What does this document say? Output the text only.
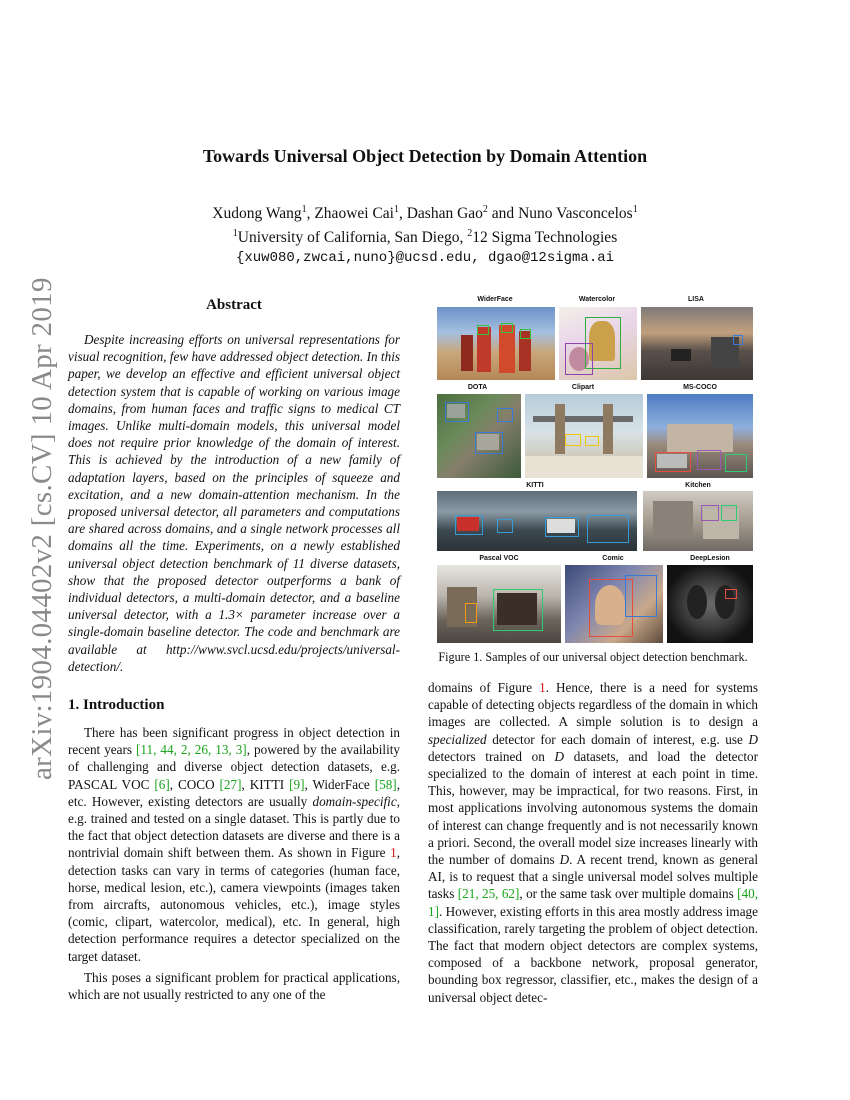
arXiv:1904.04402v2 [cs.CV] 10 Apr 2019
Towards Universal Object Detection by Domain Attention
Xudong Wang$^1$, Zhaowei Cai$^1$, Dashan Gao$^2$ and Nuno Vasconcelos$^1$
$^1$University of California, San Diego, $^2$12 Sigma Technologies
{xuw080,zwcai,nuno}@ucsd.edu, dgao@12sigma.ai
Abstract

Despite increasing efforts on universal representations for visual recognition, few have addressed object detection. In this paper, we develop an effective and efficient universal object detection system that is capable of working on various image domains, from human faces and traffic signs to medical CT images. Unlike multi-domain models, this universal model does not require prior knowledge of the domain of interest. This is achieved by the introduction of a new family of adaptation layers, based on the principles of squeeze and excitation, and a new domain-attention mechanism. In the proposed universal detector, all parameters and computations are shared across domains, and a single network processes all domains all the time. Experiments, on a newly established universal object detection benchmark of 11 diverse datasets, show that the proposed detector outperforms a bank of individual detectors, a multi-domain detector, and a baseline universal detector, with a 1.3× parameter increase over a single-domain baseline detector. The code and benchmark are available at http://www.svcl.ucsd.edu/projects/universal-detection/.

1. Introduction

There has been significant progress in object detection in recent years [11, 44, 2, 26, 13, 3], powered by the availability of challenging and diverse object detection datasets, e.g. PASCAL VOC [6], COCO [27], KITTI [9], WiderFace [58], etc. However, existing detectors are usually domain-specific, e.g. trained and tested on a single dataset. This is partly due to the fact that object detection datasets are diverse and there is a nontrivial domain shift between them. As shown in Figure 1, detection tasks can vary in terms of categories (human face, horse, medical lesion, etc.), camera viewpoints (images taken from aircrafts, autonomous vehicles, etc.), image styles (comic, clipart, watercolor, medical), etc. In general, high detection performance requires a detector specialized on the target dataset.

This poses a significant problem for practical applications, which are not usually restricted to any one of the

WiderFace	Watercolor	LISA
DOTA	Clipart	MS-COCO
KITTI	Kitchen
Pascal VOC	Comic	DeepLesion
Figure 1. Samples of our universal object detection benchmark.

domains of Figure 1. Hence, there is a need for systems capable of detecting objects regardless of the domain in which images are collected. A simple solution is to design a specialized detector for each domain of interest, e.g. use D detectors trained on D datasets, and load the detector specialized to the domain of interest at each point in time. This, however, may be impractical, for two reasons. First, in most applications involving autonomous systems the domain of interest can change frequently and is not necessarily known a priori. Second, the overall model size increases linearly with the number of domains D. A recent trend, known as general AI, is to request that a single universal model solves multiple tasks [21, 25, 62], or the same task over multiple domains [40, 1]. However, existing efforts in this area mostly address image classification, rarely targeting the problem of object detection. The fact that modern object detectors are complex systems, composed of a backbone network, proposal generator, bounding box regressor, classifier, etc., makes the design of a universal object detec-
